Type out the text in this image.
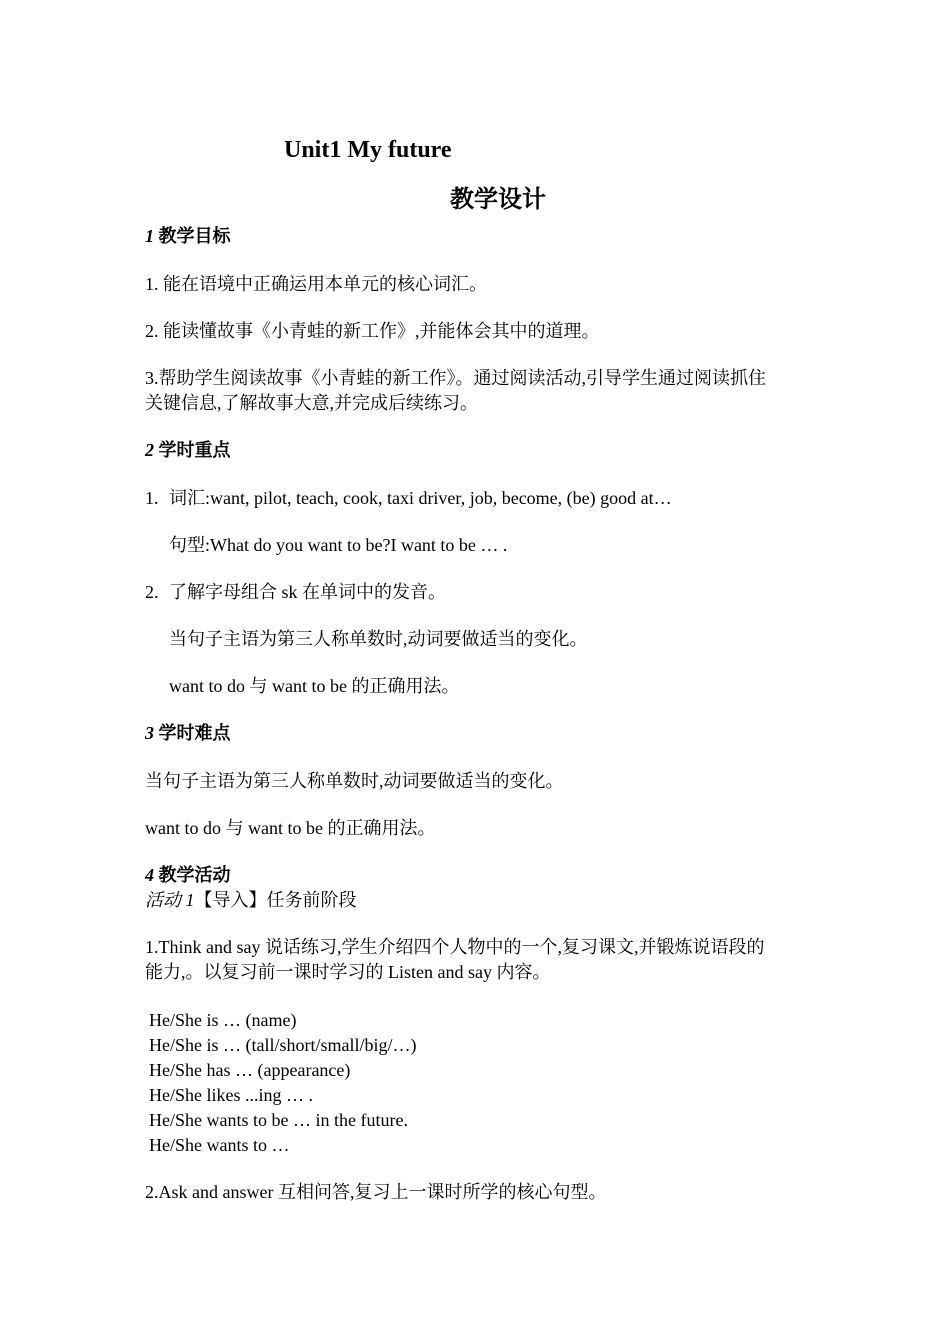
Unit1 My future
教学设计
1 教学目标
1. 能在语境中正确运用本单元的核心词汇。
2. 能读懂故事《小青蛙的新工作》,并能体会其中的道理。
3.帮助学生阅读故事《小青蛙的新工作》。通过阅读活动,引导学生通过阅读抓住
关键信息,了解故事大意,并完成后续练习。
2 学时重点
1. 词汇:want, pilot, teach, cook, taxi driver, job, become, (be) good at…
句型:What do you want to be?I want to be … .
2. 了解字母组合 sk 在单词中的发音。
当句子主语为第三人称单数时,动词要做适当的变化。
want to do 与 want to be 的正确用法。
3 学时难点
当句子主语为第三人称单数时,动词要做适当的变化。
want to do 与 want to be 的正确用法。
4 教学活动
活动 1【导入】任务前阶段
1.Think and say 说话练习,学生介绍四个人物中的一个,复习课文,并锻炼说语段的
能力,。以复习前一课时学习的 Listen and say 内容。
He/She is … (name)
He/She is … (tall/short/small/big/…)
He/She has … (appearance)
He/She likes ...ing … .
He/She wants to be … in the future.
He/She wants to …
2.Ask and answer 互相问答,复习上一课时所学的核心句型。
